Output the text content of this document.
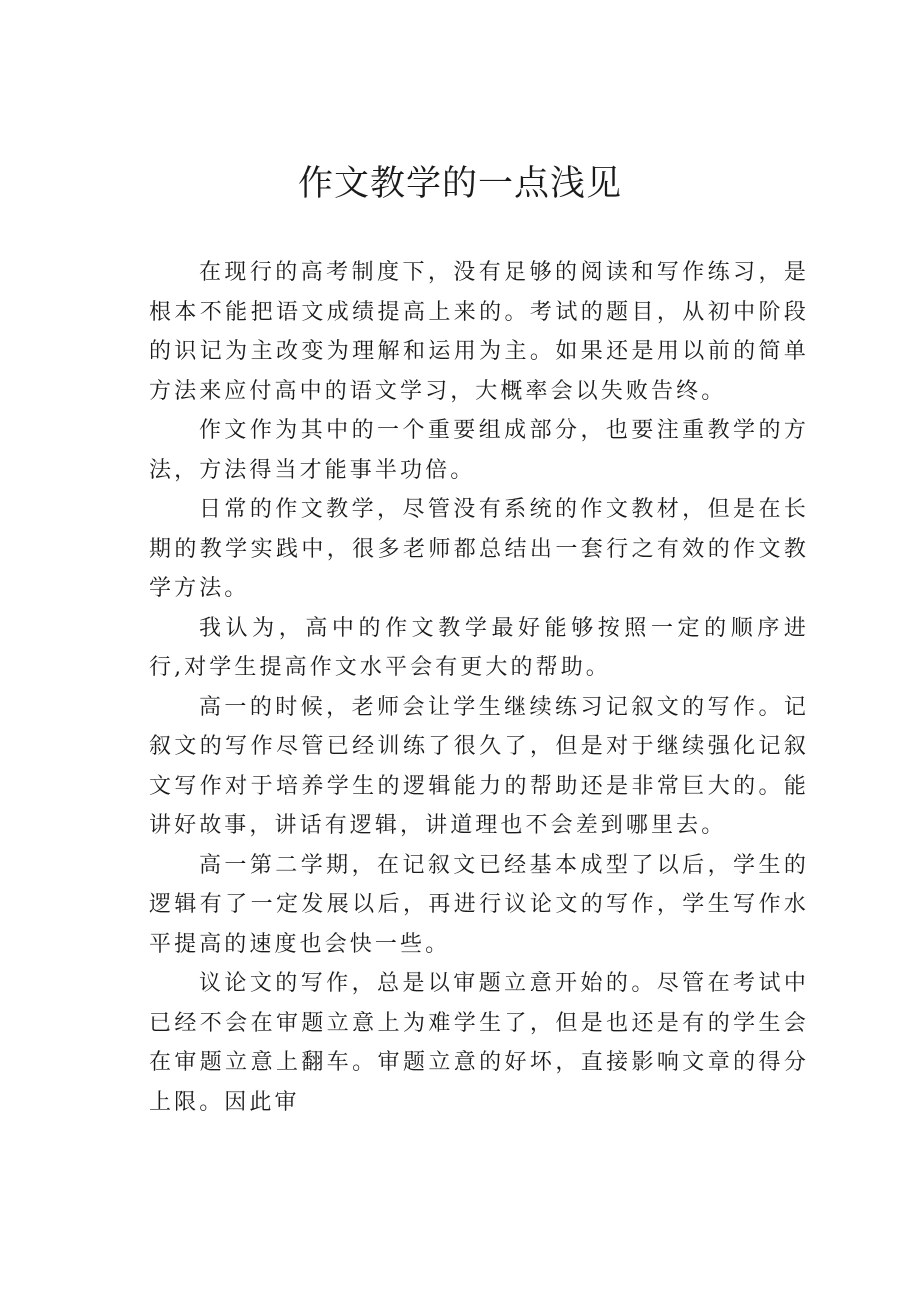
作文教学的一点浅见

在现行的高考制度下，没有足够的阅读和写作练习，是根本不能把语文成绩提高上来的。考试的题目，从初中阶段的识记为主改变为理解和运用为主。如果还是用以前的简单方法来应付高中的语文学习，大概率会以失败告终。

作文作为其中的一个重要组成部分，也要注重教学的方法，方法得当才能事半功倍。

日常的作文教学，尽管没有系统的作文教材，但是在长期的教学实践中，很多老师都总结出一套行之有效的作文教学方法。

我认为，高中的作文教学最好能够按照一定的顺序进行,对学生提高作文水平会有更大的帮助。

高一的时候，老师会让学生继续练习记叙文的写作。记叙文的写作尽管已经训练了很久了，但是对于继续强化记叙文写作对于培养学生的逻辑能力的帮助还是非常巨大的。能讲好故事，讲话有逻辑，讲道理也不会差到哪里去。

高一第二学期，在记叙文已经基本成型了以后，学生的逻辑有了一定发展以后，再进行议论文的写作，学生写作水平提高的速度也会快一些。

议论文的写作，总是以审题立意开始的。尽管在考试中已经不会在审题立意上为难学生了，但是也还是有的学生会在审题立意上翻车。审题立意的好坏，直接影响文章的得分上限。因此审
